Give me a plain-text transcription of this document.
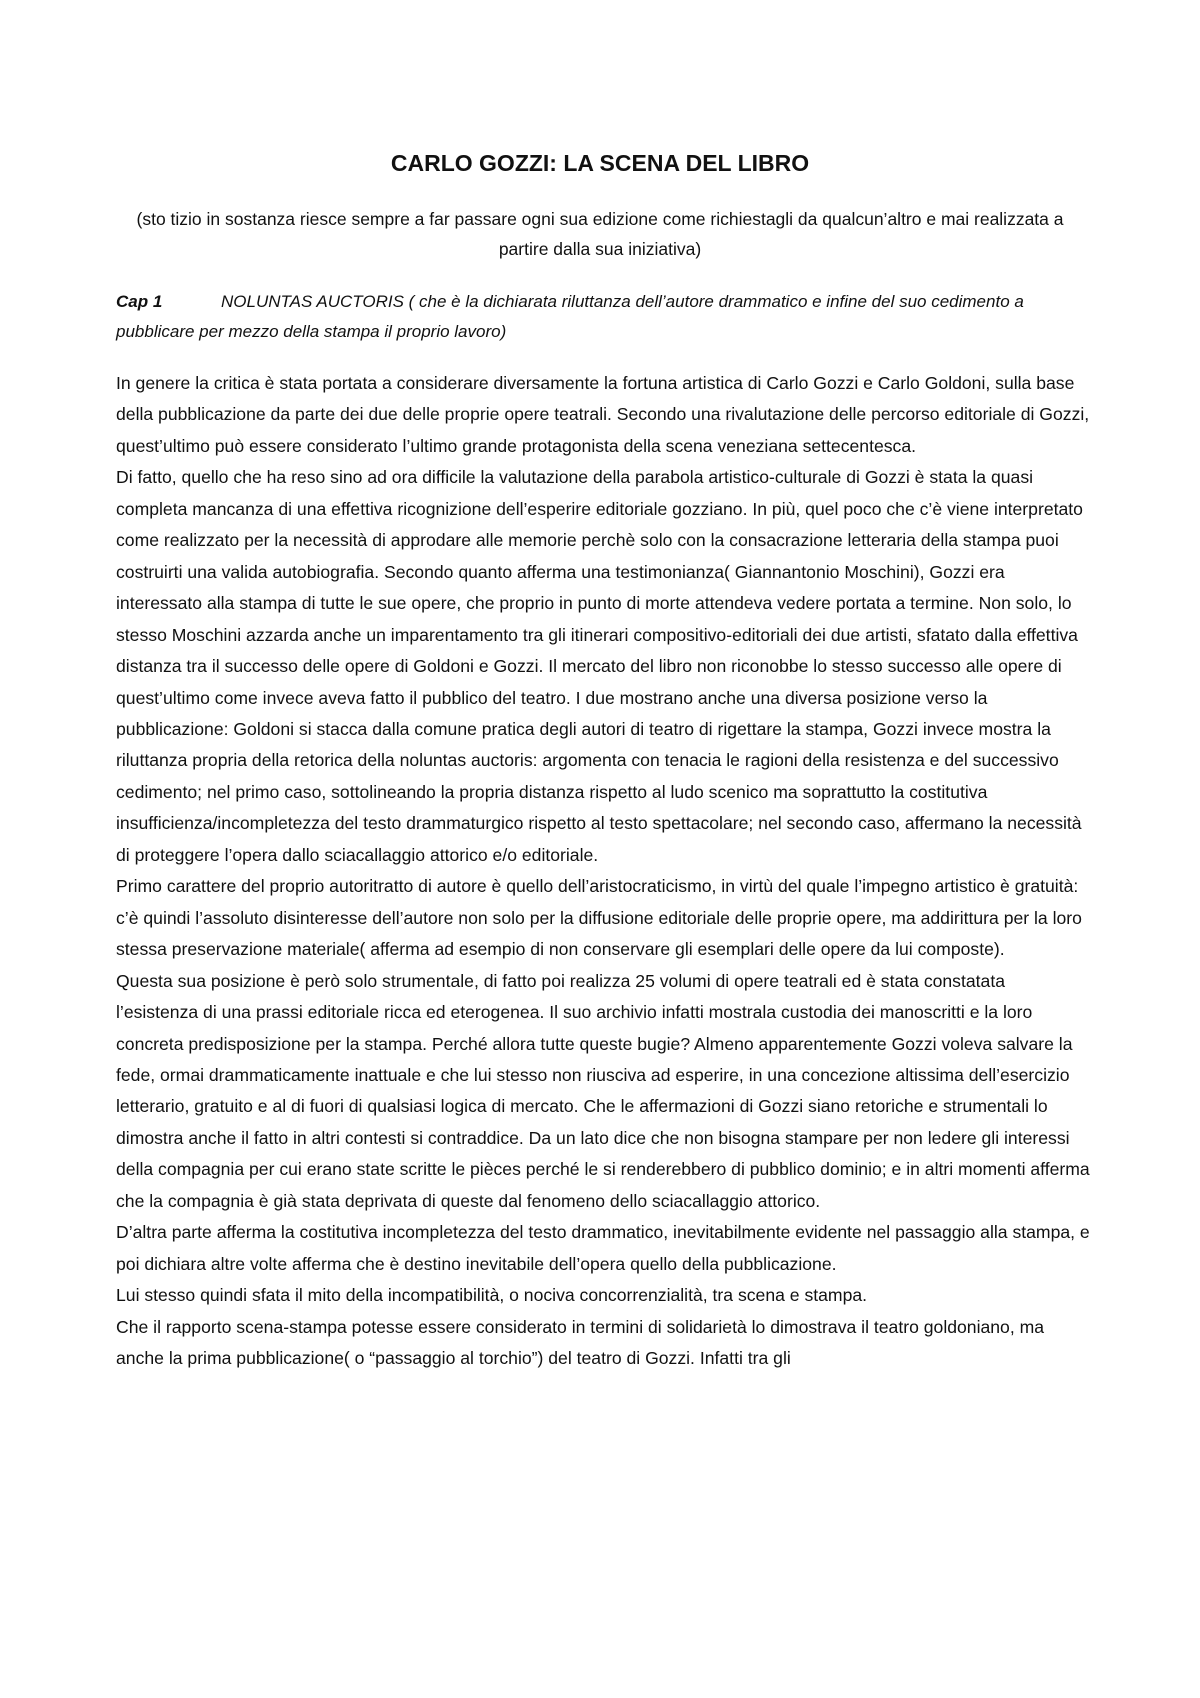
CARLO GOZZI: LA SCENA DEL LIBRO

(sto tizio in sostanza riesce sempre a far passare ogni sua edizione come richiestagli da qualcun’altro e mai realizzata a partire dalla sua iniziativa)

Cap 1	NOLUNTAS AUCTORIS ( che è la dichiarata riluttanza dell’autore drammatico e infine del suo cedimento a pubblicare per mezzo della stampa il proprio lavoro)

In genere la critica è stata portata a considerare diversamente la fortuna artistica di Carlo Gozzi e Carlo Goldoni, sulla base della pubblicazione da parte dei due delle proprie opere teatrali. Secondo una rivalutazione delle percorso editoriale di Gozzi, quest’ultimo può essere considerato l’ultimo grande protagonista della scena veneziana settecentesca.

Di fatto, quello che ha reso sino ad ora difficile la valutazione della parabola artistico-culturale di Gozzi è stata la quasi completa mancanza di una effettiva ricognizione dell’esperire editoriale gozziano. In più, quel poco che c’è viene interpretato come realizzato per la necessità di approdare alle memorie perchè solo con la consacrazione letteraria della stampa puoi costruirti una valida autobiografia. Secondo quanto afferma una testimonianza( Giannantonio Moschini), Gozzi era interessato alla stampa di tutte le sue opere, che proprio in punto di morte attendeva vedere portata a termine. Non solo, lo stesso Moschini azzarda anche un imparentamento tra gli itinerari compositivo-editoriali dei due artisti, sfatato dalla effettiva distanza tra il successo delle opere di Goldoni e Gozzi. Il mercato del libro non riconobbe lo stesso successo alle opere di quest’ultimo come invece aveva fatto il pubblico del teatro. I due mostrano anche una diversa posizione verso la pubblicazione: Goldoni si stacca dalla comune pratica degli autori di teatro di rigettare la stampa, Gozzi invece mostra la riluttanza propria della retorica della noluntas auctoris: argomenta con tenacia le ragioni della resistenza e del successivo cedimento; nel primo caso, sottolineando la propria distanza rispetto al ludo scenico ma soprattutto la costitutiva insufficienza/incompletezza del testo drammaturgico rispetto al testo spettacolare; nel secondo caso, affermano la necessità di proteggere l’opera dallo sciacallaggio attorico e/o editoriale.

Primo carattere del proprio autoritratto di autore è quello dell’aristocraticismo, in virtù del quale l’impegno artistico è gratuità: c’è quindi l’assoluto disinteresse dell’autore non solo per la diffusione editoriale delle proprie opere, ma addirittura per la loro stessa preservazione materiale( afferma ad esempio di non conservare gli esemplari delle opere da lui composte).

Questa sua posizione è però solo strumentale, di fatto poi realizza 25 volumi di opere teatrali ed è stata constatata l’esistenza di una prassi editoriale ricca ed eterogenea. Il suo archivio infatti mostrala custodia dei manoscritti e la loro concreta predisposizione per la stampa. Perché allora tutte queste bugie? Almeno apparentemente Gozzi voleva salvare la fede, ormai drammaticamente inattuale e che lui stesso non riusciva ad esperire, in una concezione altissima dell’esercizio letterario, gratuito e al di fuori di qualsiasi logica di mercato. Che le affermazioni di Gozzi siano retoriche e strumentali lo dimostra anche il fatto in altri contesti si contraddice. Da un lato dice che non bisogna stampare per non ledere gli interessi della compagnia per cui erano state scritte le pièces perché le si renderebbero di pubblico dominio; e in altri momenti afferma che la compagnia è già stata deprivata di queste dal fenomeno dello sciacallaggio attorico.

D’altra parte afferma la costitutiva incompletezza del testo drammatico, inevitabilmente evidente nel passaggio alla stampa, e poi dichiara altre volte afferma che è destino inevitabile dell’opera quello della pubblicazione.

Lui stesso quindi sfata il mito della incompatibilità, o nociva concorrenzialità, tra scena e stampa.

Che il rapporto scena-stampa potesse essere considerato in termini di solidarietà lo dimostrava il teatro goldoniano, ma anche la prima pubblicazione( o “passaggio al torchio”) del teatro di Gozzi. Infatti tra gli
